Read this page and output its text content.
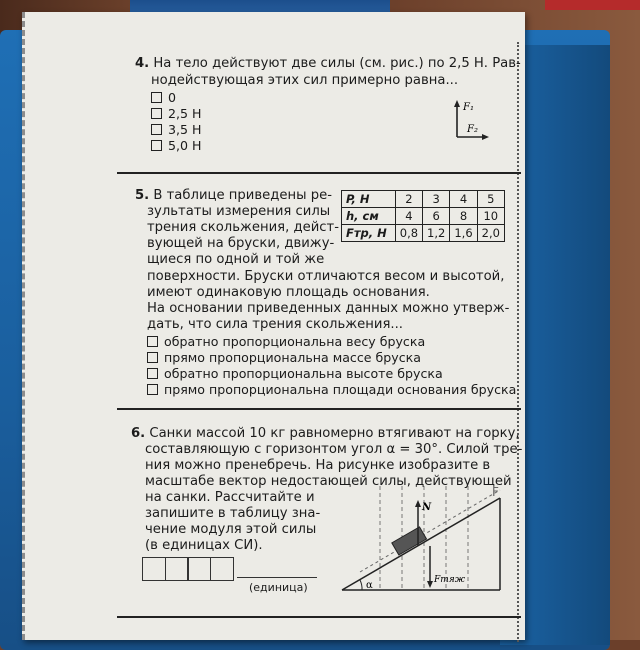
4. На тело действуют две силы (см. рис.) по 2,5 Н. Рав-
нодействующая этих сил примерно равна...
0
2,5 Н
3,5 Н
5,0 Н
F₁
F₂
5. В таблице приведены ре-
зультаты измерения силы
трения скольжения, дейст-
вующей на бруски, движу-
щиеся по одной и той же
поверхности. Бруски отличаются весом и высотой,
имеют одинаковую площадь основания.
На основании приведенных данных можно утверж-
дать, что сила трения скольжения...
P, Н	2	3	4	5
h, см	4	6	8	10
Fтр, Н	0,8	1,2	1,6	2,0
обратно пропорциональна весу бруска
прямо пропорциональна массе бруска
обратно пропорциональна высоте бруска
прямо пропорциональна площади основания бруска
6. Санки массой 10 кг равномерно втягивают на горку,
составляющую с горизонтом угол α = 30°. Силой тре-
ния можно пренебречь. На рисунке изобразите в
масштабе вектор недостающей силы, действующей
на санки. Рассчитайте и
запишите в таблицу зна-
чение модуля этой силы
(в единицах СИ).
N
Fтяж
F
α
(единица)
